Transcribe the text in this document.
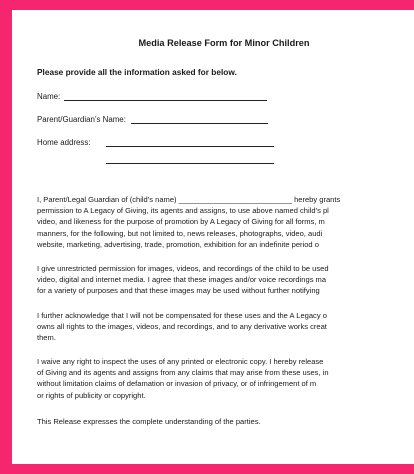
Media Release Form for Minor Children
Please provide all the information asked for below.
Name:
Parent/Guardian’s Name:
Home address:
I, Parent/Legal Guardian of (child’s name) ___________________________ hereby grants
permission to A Legacy of Giving, its agents and assigns, to use above named child’s pl
video, and likeness for the purpose of promotion by A Legacy of Giving for all forms, m
manners, for the following, but not limited to, news releases, photographs, video, audi
website, marketing, advertising, trade, promotion, exhibition for an indefinite period o
I give unrestricted permission for images, videos, and recordings of the child to be used
video, digital and internet media. I agree that these images and/or voice recordings ma
for a variety of purposes and that these images may be used without further notifying
I further acknowledge that I will not be compensated for these uses and the A Legacy o
owns all rights to the images, videos, and recordings, and to any derivative works creat
them.
I waive any right to inspect the uses of any printed or electronic copy. I hereby release
of Giving and its agents and assigns from any claims that may arise from these uses, in
without limitation claims of defamation or invasion of privacy, or of infringement of m
or rights of publicity or copyright.
This Release expresses the complete understanding of the parties.
